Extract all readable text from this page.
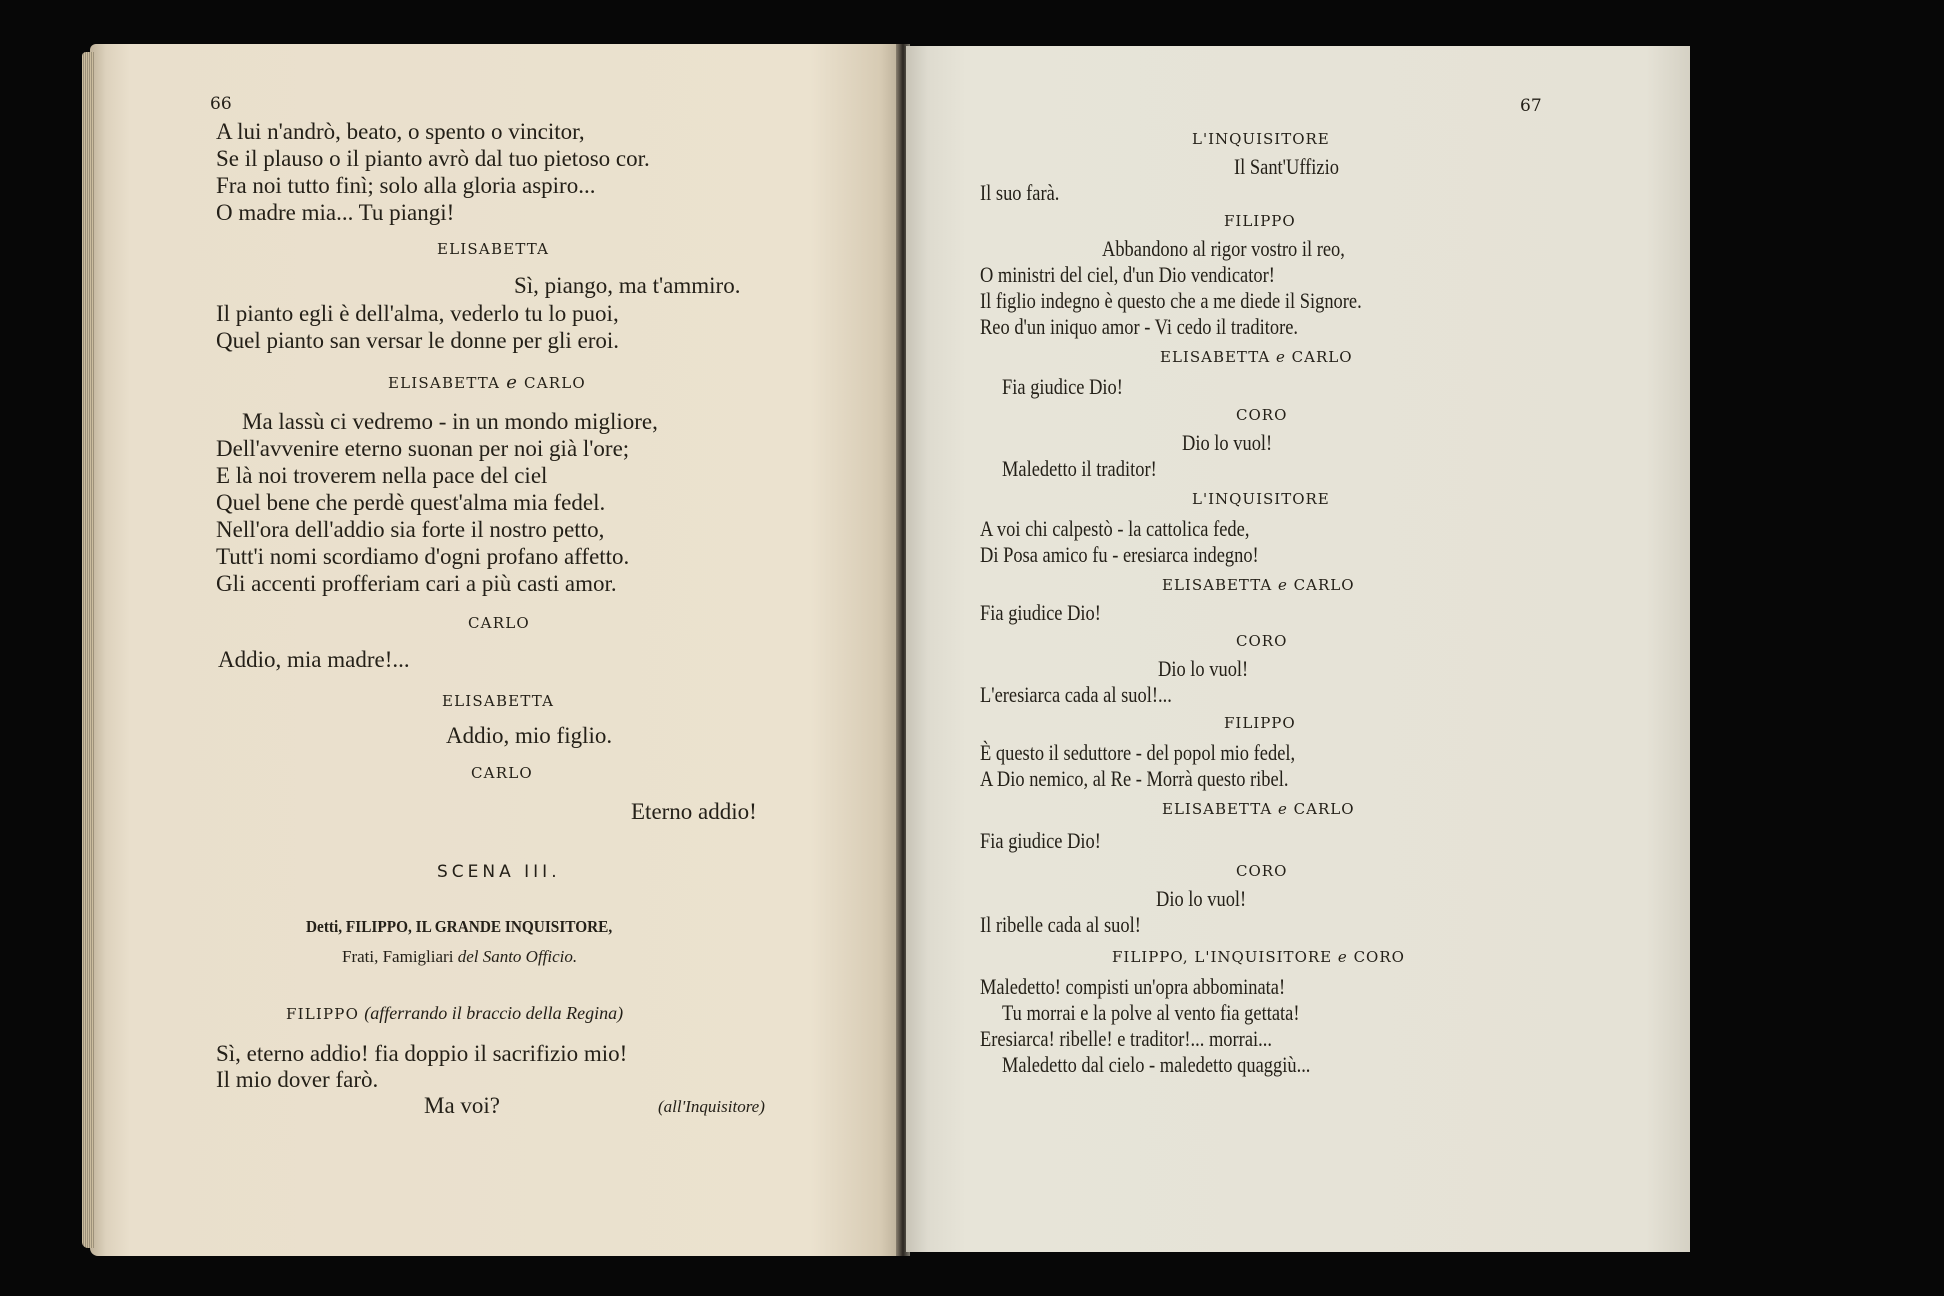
66
A lui n'andrò, beato, o spento o vincitor,
Se il plauso o il pianto avrò dal tuo pietoso cor.
Fra noi tutto finì; solo alla gloria aspiro...
O madre mia... Tu piangi!
ELISABETTA
Sì, piango, ma t'ammiro.
Il pianto egli è dell'alma, vederlo tu lo puoi,
Quel pianto san versar le donne per gli eroi.
ELISABETTA e CARLO
Ma lassù ci vedremo - in un mondo migliore,
Dell'avvenire eterno suonan per noi già l'ore;
E là noi troverem nella pace del ciel
Quel bene che perdè quest'alma mia fedel.
Nell'ora dell'addio sia forte il nostro petto,
Tutt'i nomi scordiamo d'ogni profano affetto.
Gli accenti profferiam cari a più casti amor.
CARLO
Addio, mia madre!...
ELISABETTA
Addio, mio figlio.
CARLO
Eterno addio!
SCENA III.
Detti, FILIPPO, IL GRANDE INQUISITORE,
Frati, Famigliari del Santo Officio.
FILIPPO (afferrando il braccio della Regina)
Sì, eterno addio! fia doppio il sacrifizio mio!
Il mio dover farò.
Ma voi?	(all'Inquisitore)
67
L'INQUISITORE
Il Sant'Uffizio
Il suo farà.
FILIPPO
Abbandono al rigor vostro il reo,
O ministri del ciel, d'un Dio vendicator!
Il figlio indegno è questo che a me diede il Signore.
Reo d'un iniquo amor - Vi cedo il traditore.
ELISABETTA e CARLO
Fia giudice Dio!
CORO
Dio lo vuol!
Maledetto il traditor!
L'INQUISITORE
A voi chi calpestò - la cattolica fede,
Di Posa amico fu - eresiarca indegno!
ELISABETTA e CARLO
Fia giudice Dio!
CORO
Dio lo vuol!
L'eresiarca cada al suol!...
FILIPPO
È questo il seduttore - del popol mio fedel,
A Dio nemico, al Re - Morrà questo ribel.
ELISABETTA e CARLO
Fia giudice Dio!
CORO
Dio lo vuol!
Il ribelle cada al suol!
FILIPPO, L'INQUISITORE e CORO
Maledetto! compisti un'opra abbominata!
Tu morrai e la polve al vento fia gettata!
Eresiarca! ribelle! e traditor!... morrai...
Maledetto dal cielo - maledetto quaggiù...
